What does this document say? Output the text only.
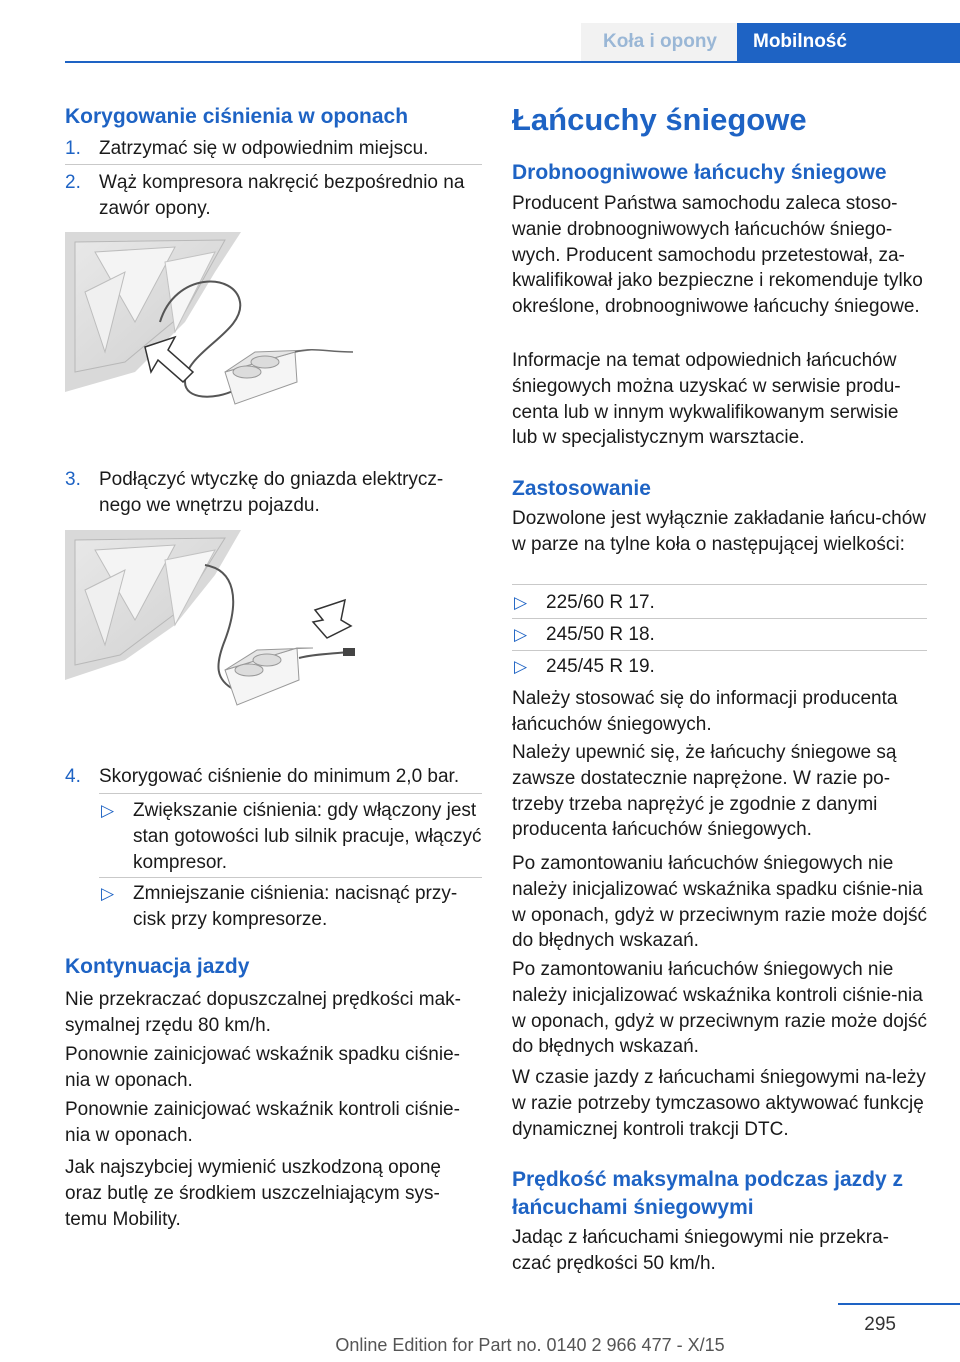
Koła i opony	Mobilność
Korygowanie ciśnienia w oponach
1. Zatrzymać się w odpowiednim miejscu.
2. Wąż kompresora nakręcić bezpośrednio na zawór opony.
3. Podłączyć wtyczkę do gniazda elektrycz-nego we wnętrzu pojazdu.
4. Skorygować ciśnienie do minimum 2,0 bar.
▷ Zwiększanie ciśnienia: gdy włączony jest stan gotowości lub silnik pracuje, włączyć kompresor.
▷ Zmniejszanie ciśnienia: nacisnąć przy-cisk przy kompresorze.
Kontynuacja jazdy

Nie przekraczać dopuszczalnej prędkości mak-symalnej rzędu 80 km/h.

Ponownie zainicjować wskaźnik spadku ciśnie-nia w oponach.

Ponownie zainicjować wskaźnik kontroli ciśnie-nia w oponach.

Jak najszybciej wymienić uszkodzoną oponę oraz butlę ze środkiem uszczelniającym sys-temu Mobility.

Łańcuchy śniegowe
Drobnoogniwowe łańcuchy śniegowe

Producent Państwa samochodu zaleca stoso-wanie drobnoogniwowych łańcuchów śniego-wych. Producent samochodu przetestował, za-kwalifikował jako bezpieczne i rekomenduje tylko określone, drobnoogniwowe łańcuchy śniegowe.

Informacje na temat odpowiednich łańcuchów śniegowych można uzyskać w serwisie produ-centa lub w innym wykwalifikowanym serwisie lub w specjalistycznym warsztacie.

Zastosowanie

Dozwolone jest wyłącznie zakładanie łańcu-chów w parze na tylne koła o następującej wielkości:

▷ 225/60 R 17.
▷ 245/50 R 18.
▷ 245/45 R 19.

Należy stosować się do informacji producenta łańcuchów śniegowych.

Należy upewnić się, że łańcuchy śniegowe są zawsze dostatecznie naprężone. W razie po-trzeby trzeba naprężyć je zgodnie z danymi producenta łańcuchów śniegowych.

Po zamontowaniu łańcuchów śniegowych nie należy inicjalizować wskaźnika spadku ciśnie-nia w oponach, gdyż w przeciwnym razie może dojść do błędnych wskazań.

Po zamontowaniu łańcuchów śniegowych nie należy inicjalizować wskaźnika kontroli ciśnie-nia w oponach, gdyż w przeciwnym razie może dojść do błędnych wskazań.

W czasie jazdy z łańcuchami śniegowymi na-leży w razie potrzeby tymczasowo aktywować funkcję dynamicznej kontroli trakcji DTC.

Prędkość maksymalna podczas jazdy z łańcuchami śniegowymi

Jadąc z łańcuchami śniegowymi nie przekra-czać prędkości 50 km/h.

295
Online Edition for Part no. 0140 2 966 477 - X/15
